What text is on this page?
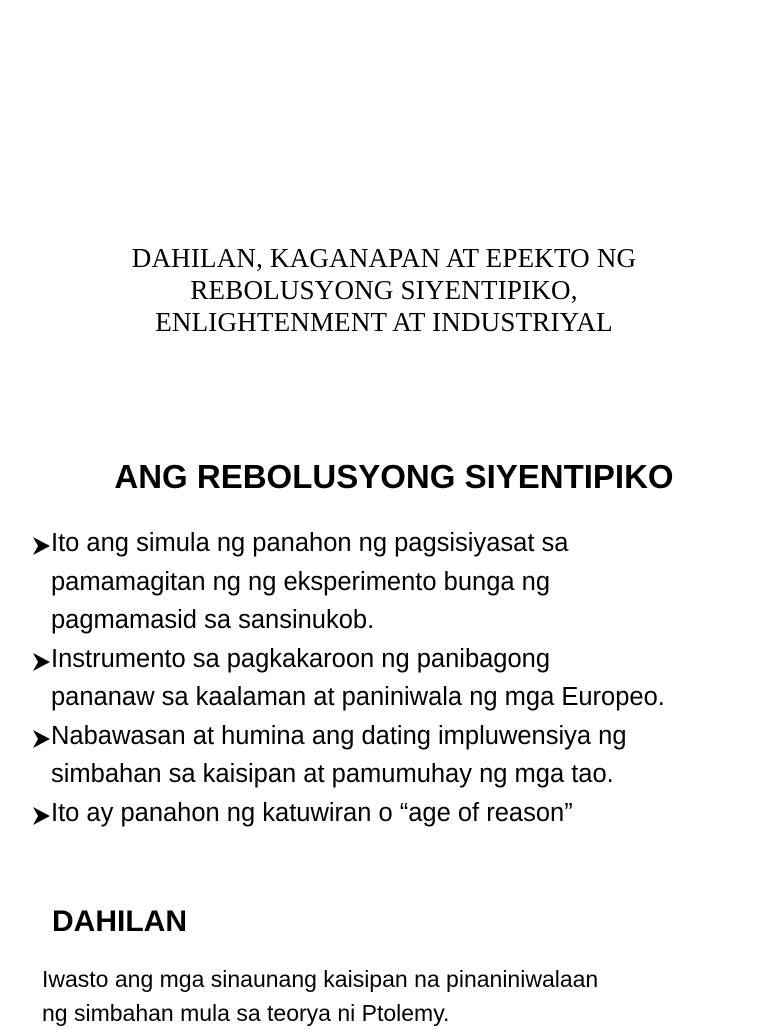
DAHILAN, KAGANAPAN AT EPEKTO NG
REBOLUSYONG SIYENTIPIKO,
ENLIGHTENMENT AT INDUSTRIYAL
ANG REBOLUSYONG SIYENTIPIKO
Ito ang simula ng panahon ng pagsisiyasat sa
pamamagitan ng ng eksperimento bunga ng
pagmamasid sa sansinukob.
Instrumento sa pagkakaroon ng panibagong
pananaw sa kaalaman at paniniwala ng mga Europeo.
Nabawasan at humina ang dating impluwensiya ng
simbahan sa kaisipan at pamumuhay ng mga tao.
Ito ay panahon ng katuwiran o “age of reason”
DAHILAN
Iwasto ang mga sinaunang kaisipan na pinaniniwalaan
ng simbahan mula sa teorya ni Ptolemy.
